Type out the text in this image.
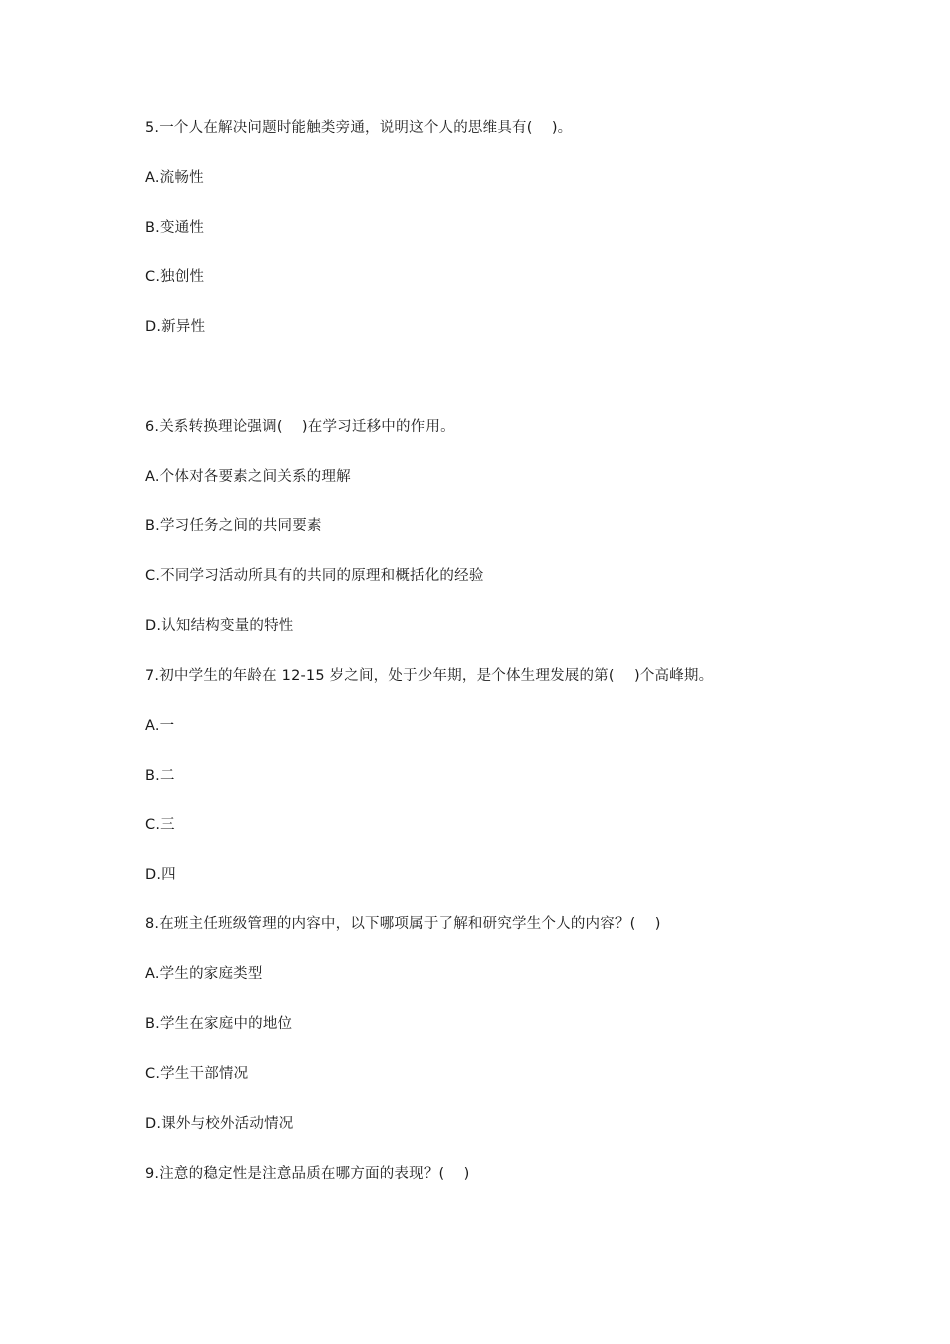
5.一个人在解决问题时能触类旁通，说明这个人的思维具有(    )。
A.流畅性
B.变通性
C.独创性
D.新异性
6.关系转换理论强调(    )在学习迁移中的作用。
A.个体对各要素之间关系的理解
B.学习任务之间的共同要素
C.不同学习活动所具有的共同的原理和概括化的经验
D.认知结构变量的特性
7.初中学生的年龄在 12-15 岁之间，处于少年期，是个体生理发展的第(    )个高峰期。
A.一
B.二
C.三
D.四
8.在班主任班级管理的内容中，以下哪项属于了解和研究学生个人的内容？(    )
A.学生的家庭类型
B.学生在家庭中的地位
C.学生干部情况
D.课外与校外活动情况
9.注意的稳定性是注意品质在哪方面的表现？(    )
